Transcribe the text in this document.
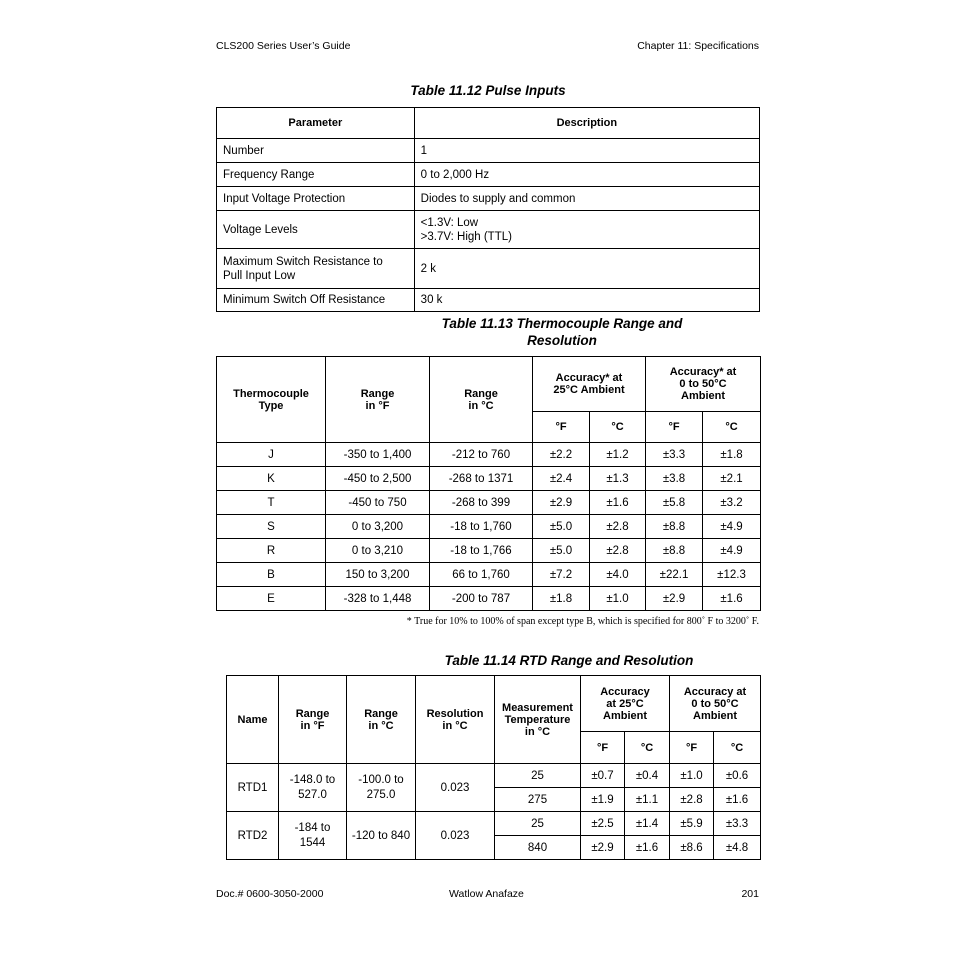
CLS200 Series User’s Guide	Chapter 11: Specifications
Table 11.12 Pulse Inputs
Parameter	Description
Number	1
Frequency Range	0 to 2,000 Hz
Input Voltage Protection	Diodes to supply and common
Voltage Levels	<1.3V: Low
>3.7V: High (TTL)
Maximum Switch Resistance to
Pull Input Low	2 k
Minimum Switch Off Resistance	30 k
Table 11.13 Thermocouple Range and
Resolution
Thermocouple
Type	Range
in °F	Range
in °C	Accuracy* at
25°C Ambient		Accuracy* at
0 to 50°C
Ambient	
			°F	°C	°F	°C
J	-350 to 1,400	-212 to 760	±2.2	±1.2	±3.3	±1.8
K	-450 to 2,500	-268 to 1371	±2.4	±1.3	±3.8	±2.1
T	-450 to 750	-268 to 399	±2.9	±1.6	±5.8	±3.2
S	0 to 3,200	-18 to 1,760	±5.0	±2.8	±8.8	±4.9
R	0 to 3,210	-18 to 1,766	±5.0	±2.8	±8.8	±4.9
B	150 to 3,200	66 to 1,760	±7.2	±4.0	±22.1	±12.3
E	-328 to 1,448	-200 to 787	±1.8	±1.0	±2.9	±1.6
* True for 10% to 100% of span except type B, which is specified for 800˚ F to 3200˚ F.
Table 11.14 RTD Range and Resolution
Name	Range
in °F	Range
in °C	Resolution
in °C	Measurement
Temperature
in °C	Accuracy
at 25°C
Ambient		Accuracy at
0 to 50°C
Ambient	
					°F	°C	°F	°C
RTD1	-148.0 to
527.0	-100.0 to
275.0	0.023	25	±0.7	±0.4	±1.0	±0.6
				275	±1.9	±1.1	±2.8	±1.6
RTD2	-184 to
1544	-120 to 840	0.023	25	±2.5	±1.4	±5.9	±3.3
				840	±2.9	±1.6	±8.6	±4.8
Doc.# 0600-3050-2000	Watlow Anafaze	201
